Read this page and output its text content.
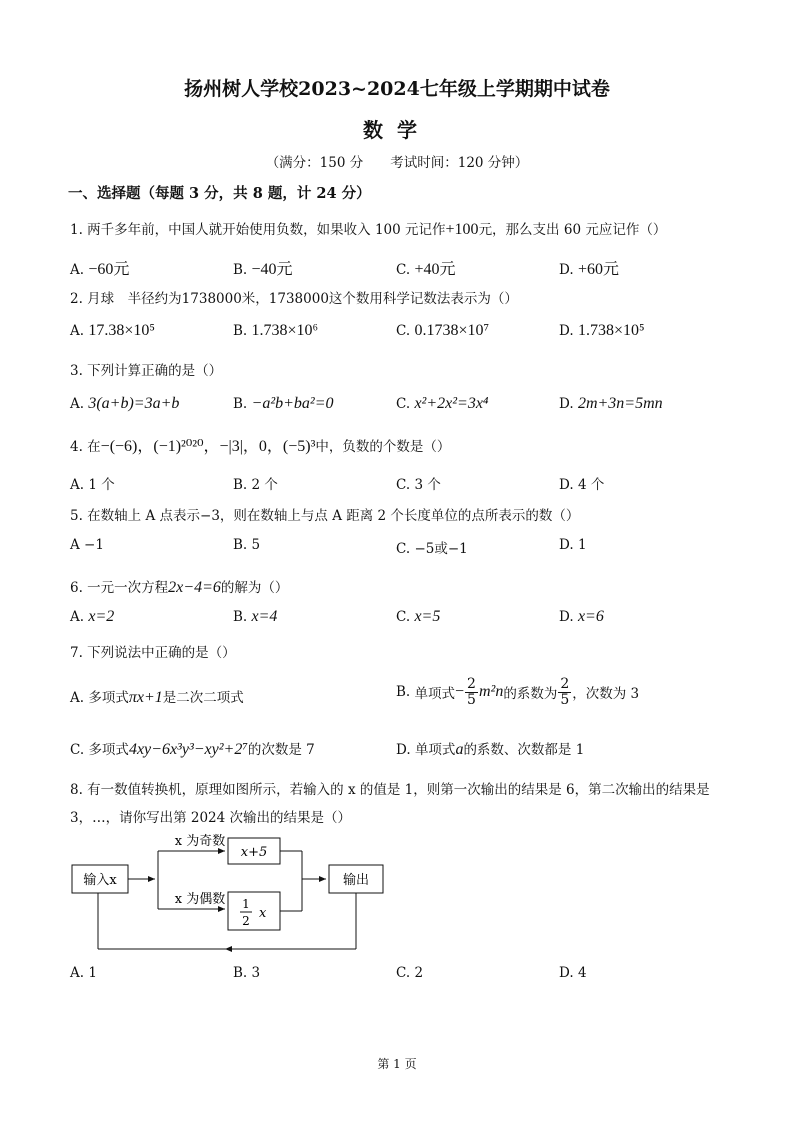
扬州树人学校2023~2024七年级上学期期中试卷
数学
（满分：150 分　　考试时间：120 分钟）
一、选择题（每题 3 分，共 8 题，计 24 分）
1. 两千多年前，中国人就开始使用负数，如果收入 100 元记作+100元，那么支出 60 元应记作（）
A. −60元	B. −40元	C. +40元	D. +60元
2. 月球　半径约为1738000米，1738000这个数用科学记数法表示为（）
A. 17.38×10⁵	B. 1.738×10⁶	C. 0.1738×10⁷	D. 1.738×10⁵
3. 下列计算正确的是（）
A. 3(a+b)=3a+b	B. −a²b+ba²=0	C. x²+2x²=3x⁴	D. 2m+3n=5mn
4. 在−(−6)，(−1)²⁰²⁰，−|3|，0，(−5)³中，负数的个数是（）
A. 1 个	B. 2 个	C. 3 个	D. 4 个
5. 在数轴上 A 点表示−3，则在数轴上与点 A 距离 2 个长度单位的点所表示的数（）
A −1	B. 5	C. −5或−1	D. 1
6. 一元一次方程2x−4=6的解为（）
A. x=2	B. x=4	C. x=5	D. x=6
7. 下列说法中正确的是（）
A. 多项式πx+1是二次二项式	B.
单项式 − $\frac{2}{5} m^2n$ 的系数为 $\frac{2}{5}$ ，次数为 3
C. 多项式4xy−6x³y³−xy²+2⁷的次数是 7	D. 单项式a的系数、次数都是 1
8. 有一数值转换机，原理如图所示，若输入的 x 的值是 1，则第一次输出的结果是 6，第二次输出的结果是
3，…，请你写出第 2024 次输出的结果是（）
输入x
x 为奇数
x+5
x 为偶数 1
2 x
输出
A. 1	B. 3	C. 2	D. 4
第 1 页
